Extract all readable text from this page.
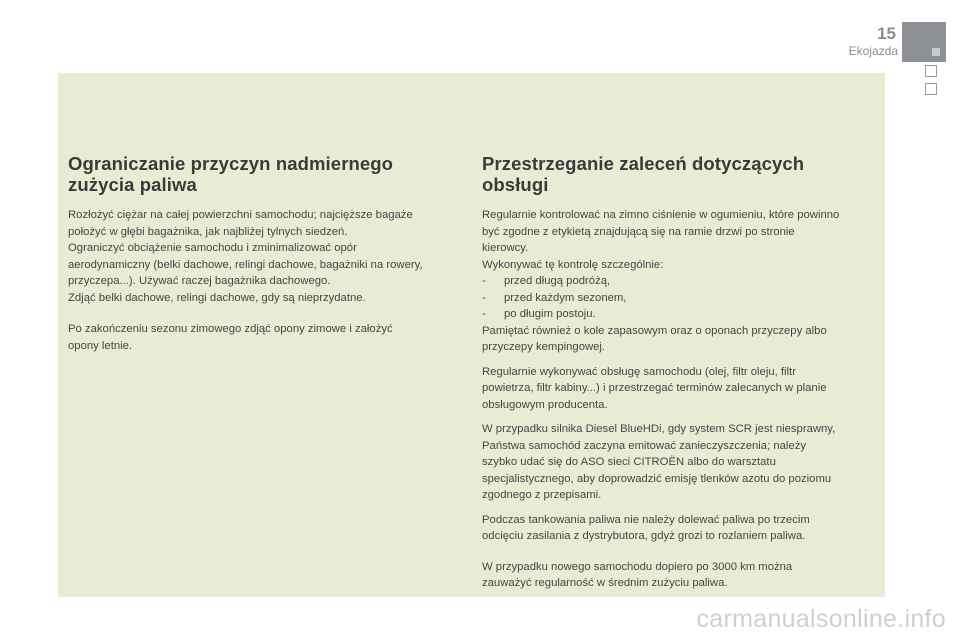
15
Ekojazda
Ograniczanie przyczyn nadmiernego
zużycia paliwa

Rozłożyć ciężar na całej powierzchni samochodu; najcięższe bagaże
położyć w głębi bagażnika, jak najbliżej tylnych siedzeń.
Ograniczyć obciążenie samochodu i zminimalizować opór
aerodynamiczny (belki dachowe, relingi dachowe, bagażniki na rowery,
przyczepa...). Używać raczej bagażnika dachowego.
Zdjąć belki dachowe, relingi dachowe, gdy są nieprzydatne.

Po zakończeniu sezonu zimowego zdjąć opony zimowe i założyć
opony letnie.

Przestrzeganie zaleceń dotyczących
obsługi

Regularnie kontrolować na zimno ciśnienie w ogumieniu, które powinno
być zgodne z etykietą znajdującą się na ramie drzwi po stronie
kierowcy.
Wykonywać tę kontrolę szczególnie:
- przed długą podróżą,
- przed każdym sezonem,
- po długim postoju.
Pamiętać również o kole zapasowym oraz o oponach przyczepy albo
przyczepy kempingowej.

Regularnie wykonywać obsługę samochodu (olej, filtr oleju, filtr
powietrza, filtr kabiny...) i przestrzegać terminów zalecanych w planie
obsługowym producenta.

W przypadku silnika Diesel BlueHDi, gdy system SCR jest niesprawny,
Państwa samochód zaczyna emitować zanieczyszczenia; należy
szybko udać się do ASO sieci CITROËN albo do warsztatu
specjalistycznego, aby doprowadzić emisję tlenków azotu do poziomu
zgodnego z przepisami.

Podczas tankowania paliwa nie należy dolewać paliwa po trzecim
odcięciu zasilania z dystrybutora, gdyż grozi to rozlaniem paliwa.

W przypadku nowego samochodu dopiero po 3000 km można
zauważyć regularność w średnim zużyciu paliwa.

carmanualsonline.info
